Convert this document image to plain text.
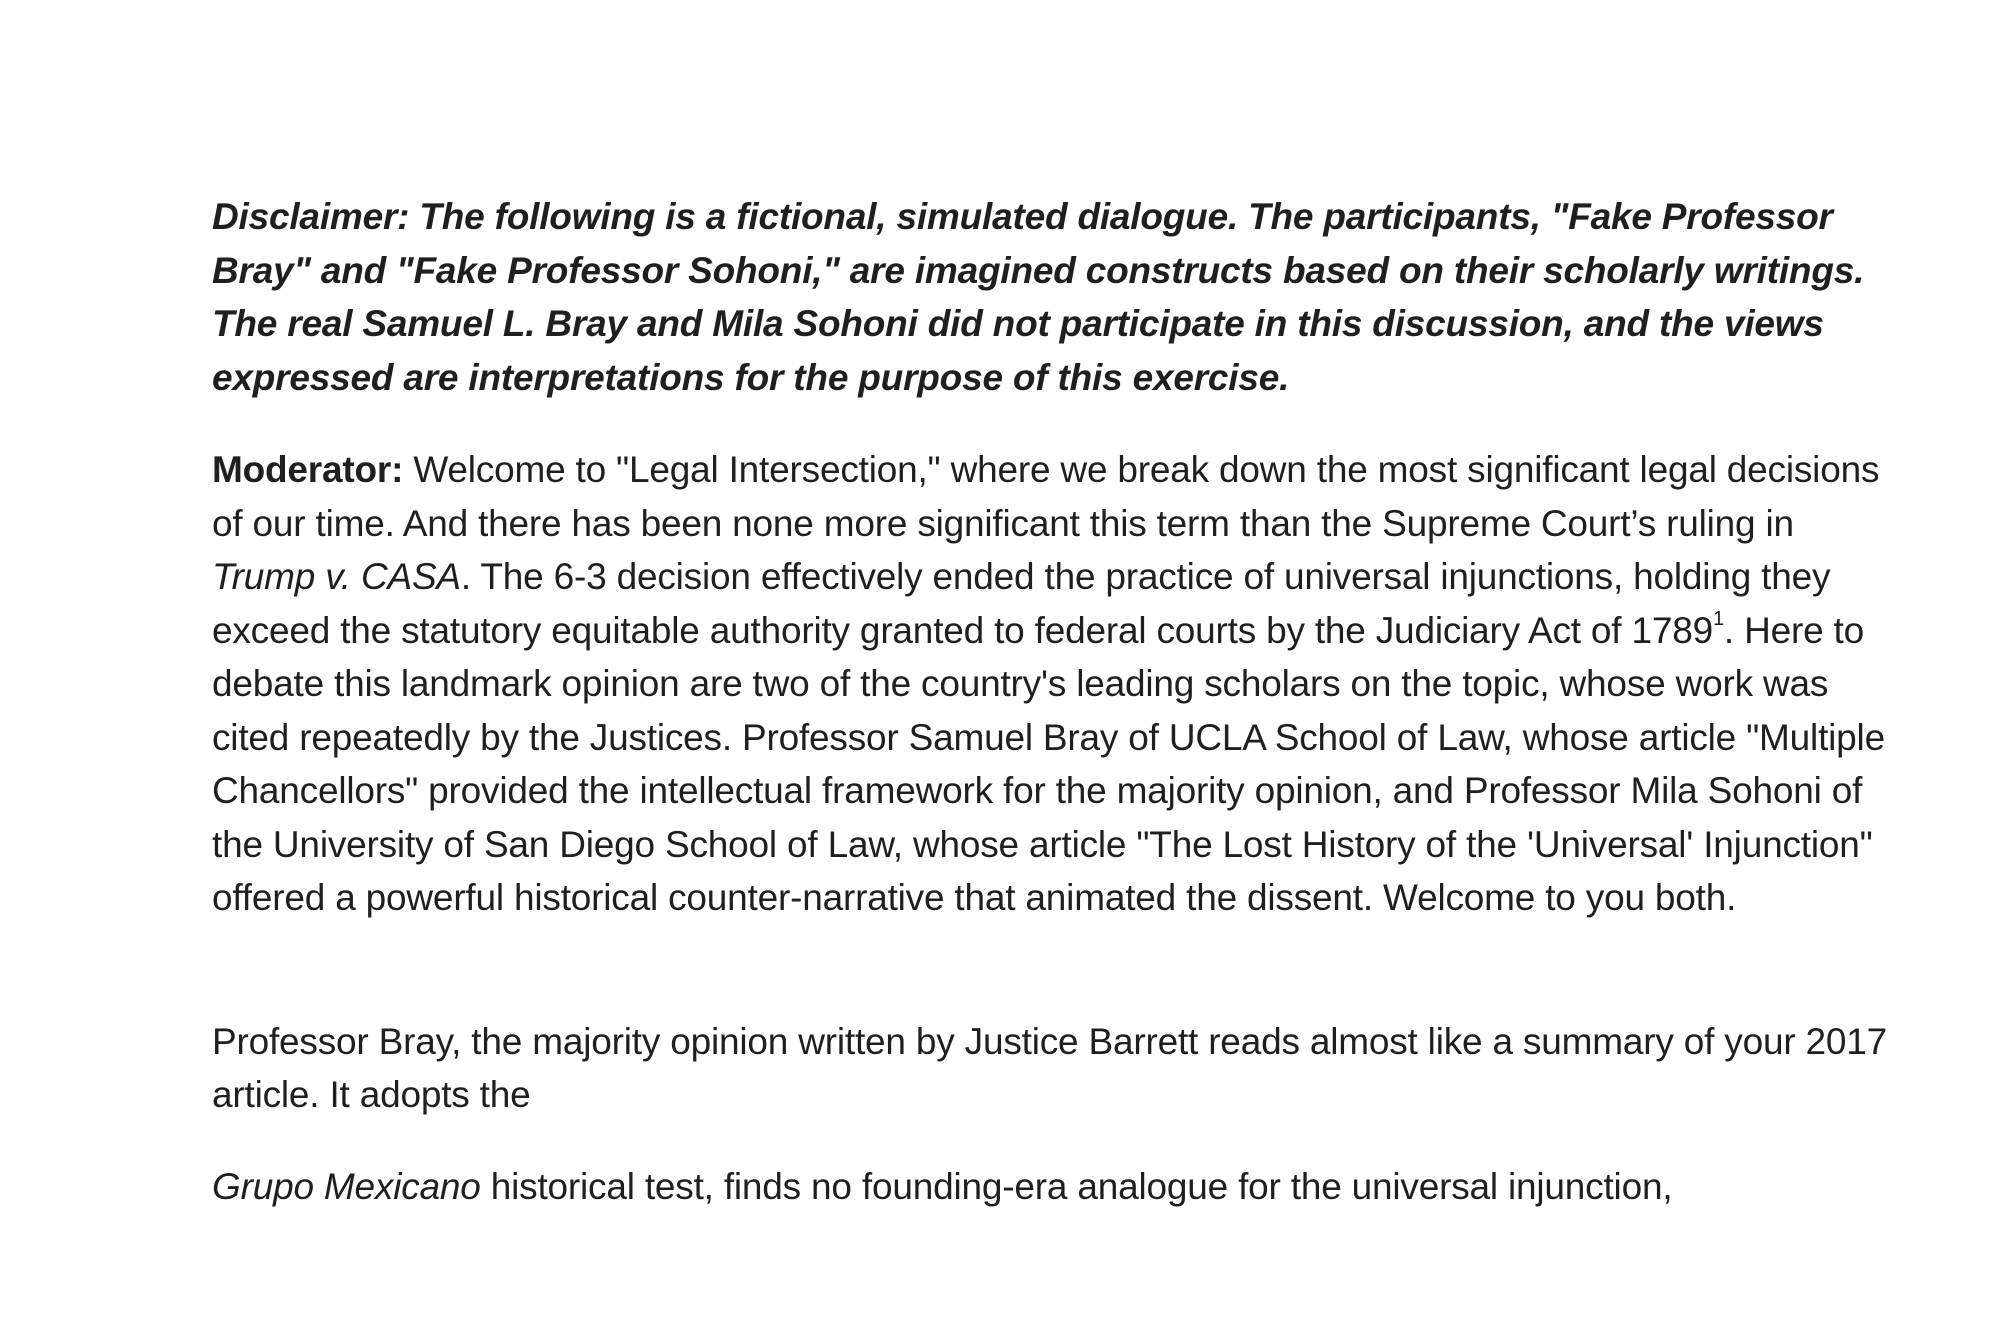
Disclaimer: The following is a fictional, simulated dialogue. The participants, "Fake Professor Bray" and "Fake Professor Sohoni," are imagined constructs based on their scholarly writings. The real Samuel L. Bray and Mila Sohoni did not participate in this discussion, and the views expressed are interpretations for the purpose of this exercise.

Moderator: Welcome to "Legal Intersection," where we break down the most significant legal decisions of our time. And there has been none more significant this term than the Supreme Court’s ruling in Trump v. CASA. The 6-3 decision effectively ended the practice of universal injunctions, holding they exceed the statutory equitable authority granted to federal courts by the Judiciary Act of 1789$^1$. Here to debate this landmark opinion are two of the country's leading scholars on the topic, whose work was cited repeatedly by the Justices. Professor Samuel Bray of UCLA School of Law, whose article "Multiple Chancellors" provided the intellectual framework for the majority opinion, and Professor Mila Sohoni of the University of San Diego School of Law, whose article "The Lost History of the 'Universal' Injunction" offered a powerful historical counter-narrative that animated the dissent. Welcome to you both.

Professor Bray, the majority opinion written by Justice Barrett reads almost like a summary of your 2017 article. It adopts the

Grupo Mexicano historical test, finds no founding-era analogue for the universal injunction,
